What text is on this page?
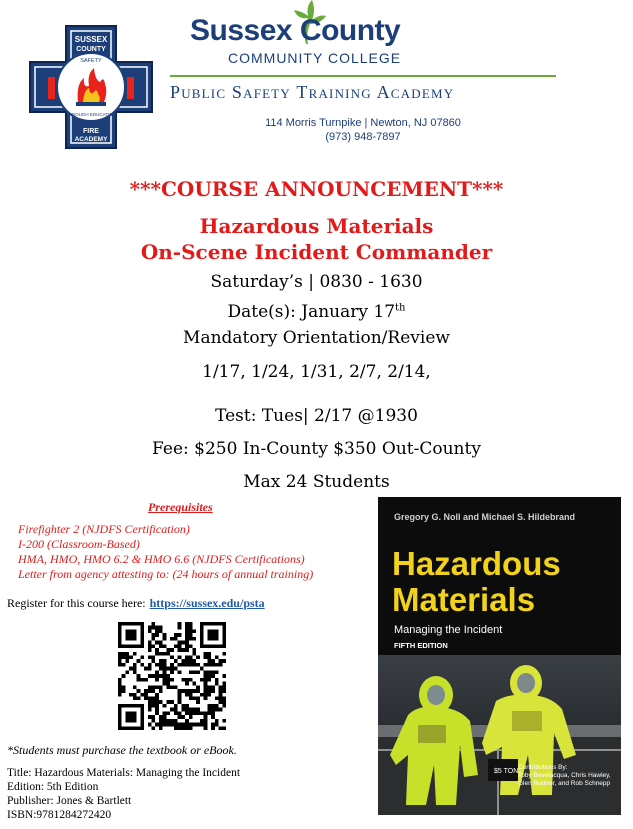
SUSSEX
COUNTY
SAFETY
THROUGH EDUCATION
FIRE
ACADEMY
Sussex County
COMMUNITY COLLEGE
Public Safety Training Academy
114 Morris Turnpike | Newton, NJ 07860
(973) 948-7897
***COURSE ANNOUNCEMENT***
Hazardous Materials
On-Scene Incident Commander
Saturday’s | 0830 - 1630
Date(s): January 17th
Mandatory Orientation/Review
1/17, 1/24, 1/31, 2/7, 2/14,
Test: Tues| 2/17 @1930
Fee: $250 In-County $350 Out-County
Max 24 Students
Prerequisites
Firefighter 2 (NJDFS Certification)
I-200 (Classroom-Based)
HMA, HMO, HMO 6.2 & HMO 6.6 (NJDFS Certifications)
Letter from agency attesting to: (24 hours of annual training)
Register for this course here: https://sussex.edu/psta
*Students must purchase the textbook or eBook.
Title: Hazardous Materials: Managing the Incident
Edition: 5th Edition
Publisher: Jones & Bartlett
ISBN:9781284272420
Gregory G. Noll and Michael S. Hildebrand
Hazardous
Materials
Managing the Incident
FIFTH EDITION
$5 TON
Contributions By:
Toby Bevelacqua, Chris Hawley,
Glen Rudner, and Rob Schnepp
